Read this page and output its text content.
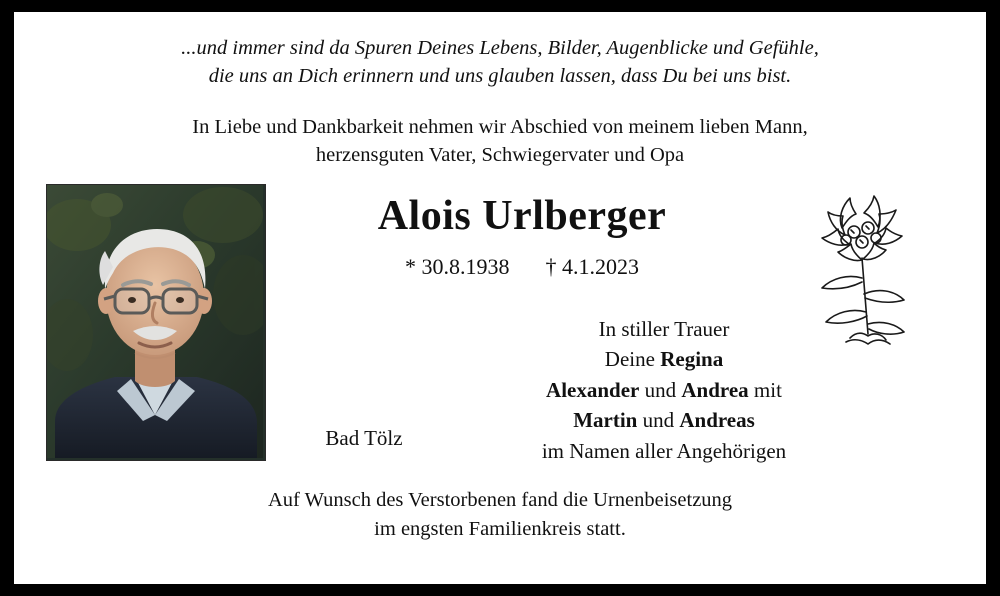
...und immer sind da Spuren Deines Lebens, Bilder, Augenblicke und Gefühle,
die uns an Dich erinnern und uns glauben lassen, dass Du bei uns bist.
In Liebe und Dankbarkeit nehmen wir Abschied von meinem lieben Mann,
herzensguten Vater, Schwiegervater und Opa
Alois Urlberger
* 30.8.1938 † 4.1.2023
In stiller Trauer
Deine Regina
Alexander und Andrea mit
Martin und Andreas
im Namen aller Angehörigen
Bad Tölz
Auf Wunsch des Verstorbenen fand die Urnenbeisetzung
im engsten Familienkreis statt.
